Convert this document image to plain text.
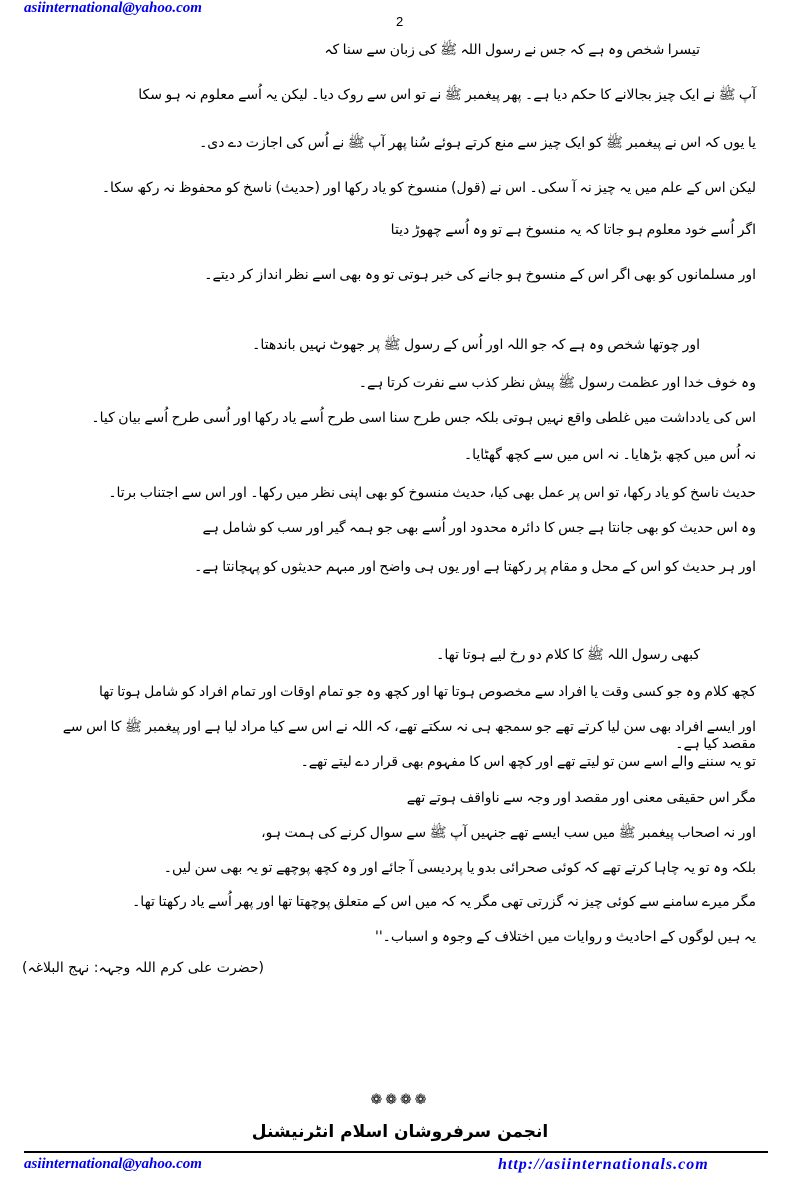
asiinternational@yahoo.com
2
تیسرا شخص وہ ہے کہ جس نے رسول اللہ ﷺ کی زبان سے سنا کہ
آپ ﷺ نے ایک چیز بجالانے کا حکم دیا ہے۔ پھر پیغمبر ﷺ نے تو اس سے روک دیا۔ لیکن یہ اُسے معلوم نہ ہو سکا
یا یوں کہ اس نے پیغمبر ﷺ کو ایک چیز سے منع کرتے ہوئے سُنا پھر آپ ﷺ نے اُس کی اجازت دے دی۔
لیکن اس کے علم میں یہ چیز نہ آ سکی۔ اس نے (قول) منسوخ کو یاد رکھا اور (حدیث) ناسخ کو محفوظ نہ رکھ سکا۔
اگر اُسے خود معلوم ہو جاتا کہ یہ منسوخ ہے تو وہ اُسے چھوڑ دیتا
اور مسلمانوں کو بھی اگر اس کے منسوخ ہو جانے کی خبر ہوتی تو وہ بھی اسے نظر انداز کر دیتے۔
اور چوتھا شخص وہ ہے کہ جو اللہ اور اُس کے رسول ﷺ پر جھوٹ نہیں باندھتا۔
وہ خوف خدا اور عظمت رسول ﷺ پیش نظر کذب سے نفرت کرتا ہے۔
اس کی یادداشت میں غلطی واقع نہیں ہوتی بلکہ جس طرح سنا اسی طرح اُسے یاد رکھا اور اُسی طرح اُسے بیان کیا۔
نہ اُس میں کچھ بڑھایا۔ نہ اس میں سے کچھ گھٹایا۔
حدیث ناسخ کو یاد رکھا، تو اس پر عمل بھی کیا، حدیث منسوخ کو بھی اپنی نظر میں رکھا۔ اور اس سے اجتناب برتا۔
وہ اس حدیث کو بھی جانتا ہے جس کا دائرہ محدود اور اُسے بھی جو ہمہ گیر اور سب کو شامل ہے
اور ہر حدیث کو اس کے محل و مقام پر رکھتا ہے اور یوں ہی واضح اور مبہم حدیثوں کو پہچانتا ہے۔
کبھی رسول اللہ ﷺ کا کلام دو رخ لیے ہوتا تھا۔
کچھ کلام وہ جو کسی وقت یا افراد سے مخصوص ہوتا تھا اور کچھ وہ جو تمام اوقات اور تمام افراد کو شامل ہوتا تھا
اور ایسے افراد بھی سن لیا کرتے تھے جو سمجھ ہی نہ سکتے تھے، کہ اللہ نے اس سے کیا مراد لیا ہے اور پیغمبر ﷺ کا اس سے مقصد کیا ہے۔
تو یہ سننے والے اسے سن تو لیتے تھے اور کچھ اس کا مفہوم بھی قرار دے لیتے تھے۔
مگر اس حقیقی معنی اور مقصد اور وجہ سے ناواقف ہوتے تھے
اور نہ اصحاب پیغمبر ﷺ میں سب ایسے تھے جنہیں آپ ﷺ سے سوال کرنے کی ہمت ہو،
بلکہ وہ تو یہ چاہا کرتے تھے کہ کوئی صحرائی بدو یا پردیسی آ جائے اور وہ کچھ پوچھے تو یہ بھی سن لیں۔
مگر میرے سامنے سے کوئی چیز نہ گزرتی تھی مگر یہ کہ میں اس کے متعلق پوچھتا تھا اور پھر اُسے یاد رکھتا تھا۔
یہ ہیں لوگوں کے احادیث و روایات میں اختلاف کے وجوہ و اسباب۔''
(حضرت علی کرم اللہ وجہہ: نہج البلاغہ)
❁❁❁❁
انجمن سرفروشان اسلام انٹرنیشنل
asiinternational@yahoo.com	http://asiinternationals.com
